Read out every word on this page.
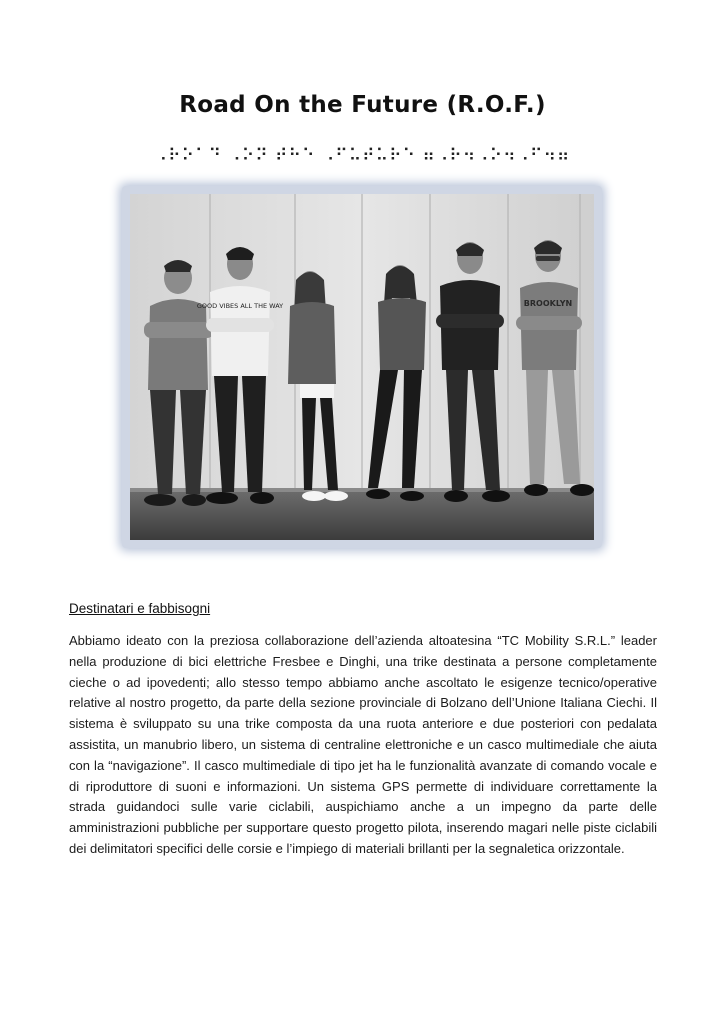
Road On the Future (R.O.F.)
⠠⠗⠕⠁⠙ ⠠⠕⠝ ⠞⠓⠑ ⠠⠋⠥⠞⠥⠗⠑ ⠶⠠⠗⠲⠠⠕⠲⠠⠋⠲⠶
GOOD VIBES ALL THE WAY	BROOKLYN
Destinatari e fabbisogni
Abbiamo ideato con la preziosa collaborazione dell’azienda altoatesina “TC Mobility S.R.L.” leader nella produzione di bici elettriche Fresbee e Dinghi, una trike destinata a persone completamente cieche o ad ipovedenti; allo stesso tempo abbiamo anche ascoltato le esigenze tecnico/operative relative al nostro progetto, da parte della sezione provinciale di Bolzano dell’Unione Italiana Ciechi. Il sistema è sviluppato su una trike composta da una ruota anteriore e due posteriori con pedalata assistita, un manubrio libero, un sistema di centraline elettroniche e un casco multimediale che aiuta con la “navigazione”. Il casco multimediale di tipo jet ha le funzionalità avanzate di comando vocale e di riproduttore di suoni e informazioni. Un sistema GPS permette di individuare correttamente la strada guidandoci sulle varie ciclabili, auspichiamo anche a un impegno da parte delle amministrazioni pubbliche per supportare questo progetto pilota, inserendo magari nelle piste ciclabili dei delimitatori specifici delle corsie e l’impiego di materiali brillanti per la segnaletica orizzontale.
